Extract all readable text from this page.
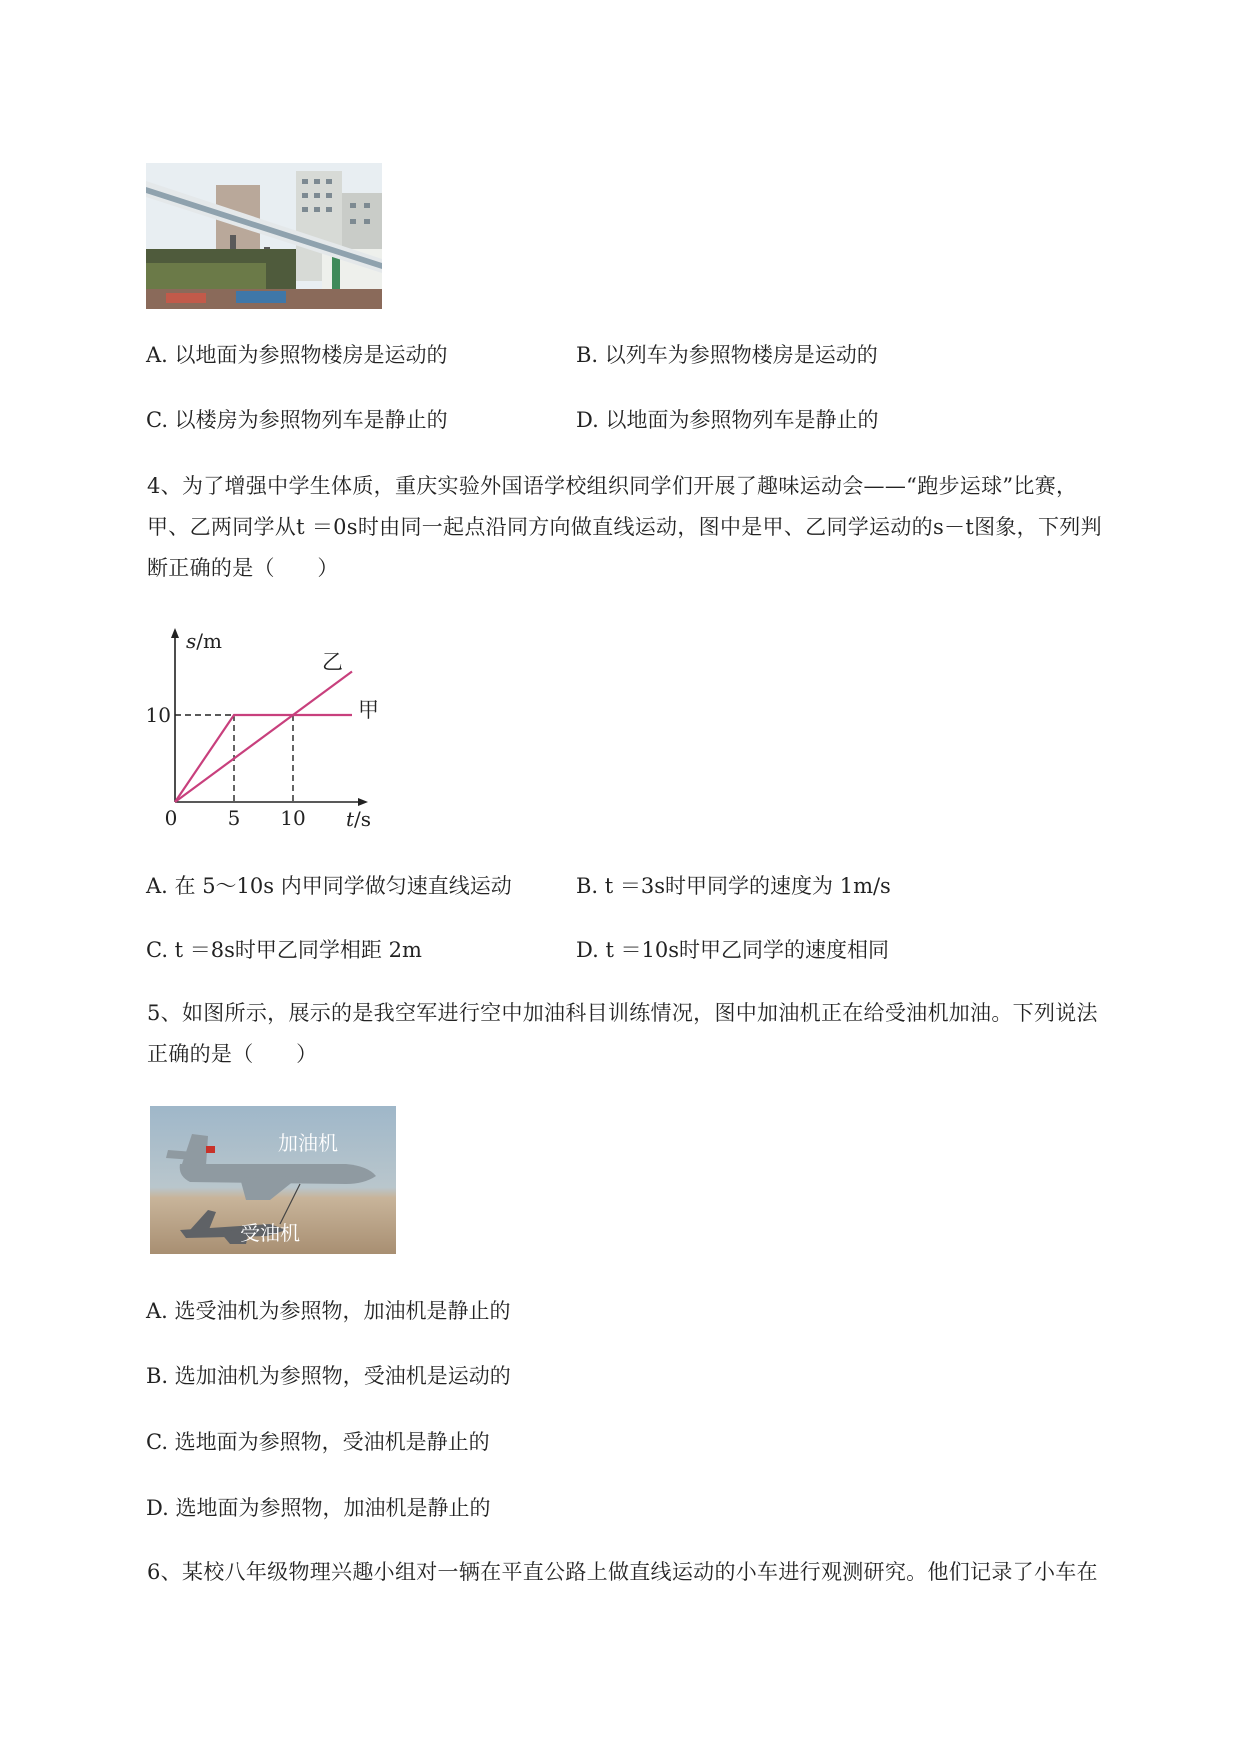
A. 以地面为参照物楼房是运动的	B. 以列车为参照物楼房是运动的
C. 以楼房为参照物列车是静止的	D. 以地面为参照物列车是静止的

4、为了增强中学生体质，重庆实验外国语学校组织同学们开展了趣味运动会——“跑步运球”比赛，

甲、乙两同学从t ＝0s时由同一起点沿同方向做直线运动，图中是甲、乙同学运动的s－t图象，下列判

断正确的是（　　）

0	5 10
10
s/m
t/s
甲
乙
A. 在 5～10s 内甲同学做匀速直线运动	B. t ＝3s时甲同学的速度为 1m/s
C. t ＝8s时甲乙同学相距 2m	D. t ＝10s时甲乙同学的速度相同

5、如图所示，展示的是我空军进行空中加油科目训练情况，图中加油机正在给受油机加油。下列说法

正确的是（　　）

加油机
受油机
A. 选受油机为参照物，加油机是静止的
B. 选加油机为参照物，受油机是运动的
C. 选地面为参照物，受油机是静止的
D. 选地面为参照物，加油机是静止的

6、某校八年级物理兴趣小组对一辆在平直公路上做直线运动的小车进行观测研究。他们记录了小车在
